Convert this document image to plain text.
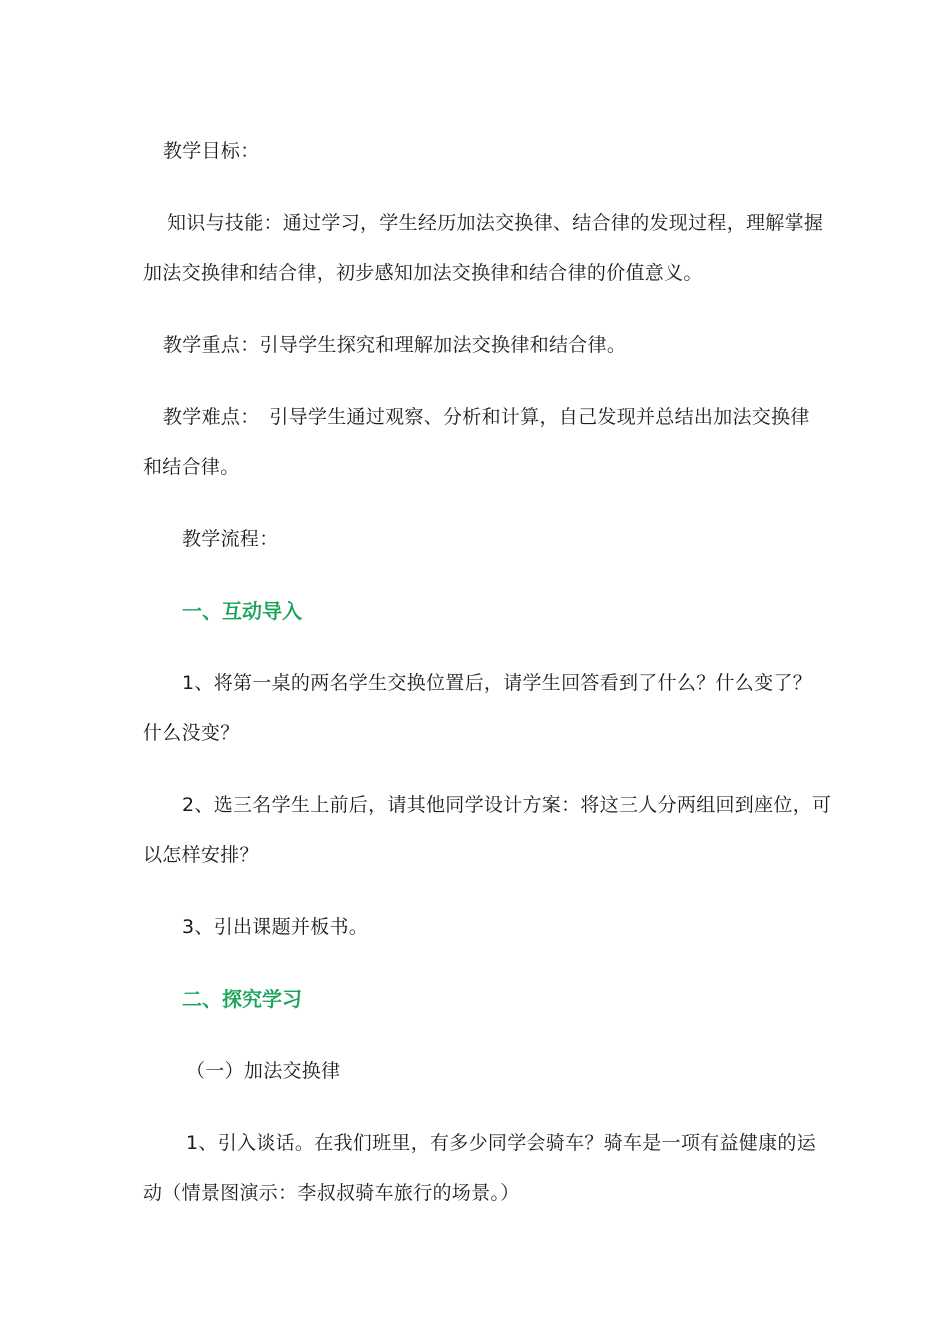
教学目标：
知识与技能：通过学习，学生经历加法交换律、结合律的发现过程，理解掌握
加法交换律和结合律，初步感知加法交换律和结合律的价值意义。
教学重点：引导学生探究和理解加法交换律和结合律。
教学难点：　引导学生通过观察、分析和计算，自己发现并总结出加法交换律
和结合律。
教学流程：
一、互动导入
1、将第一桌的两名学生交换位置后，请学生回答看到了什么？什么变了？
什么没变？
2、选三名学生上前后，请其他同学设计方案：将这三人分两组回到座位，可
以怎样安排？
3、引出课题并板书。
二、探究学习
（一）加法交换律
1、引入谈话。在我们班里，有多少同学会骑车？骑车是一项有益健康的运
动（情景图演示：李叔叔骑车旅行的场景。）
